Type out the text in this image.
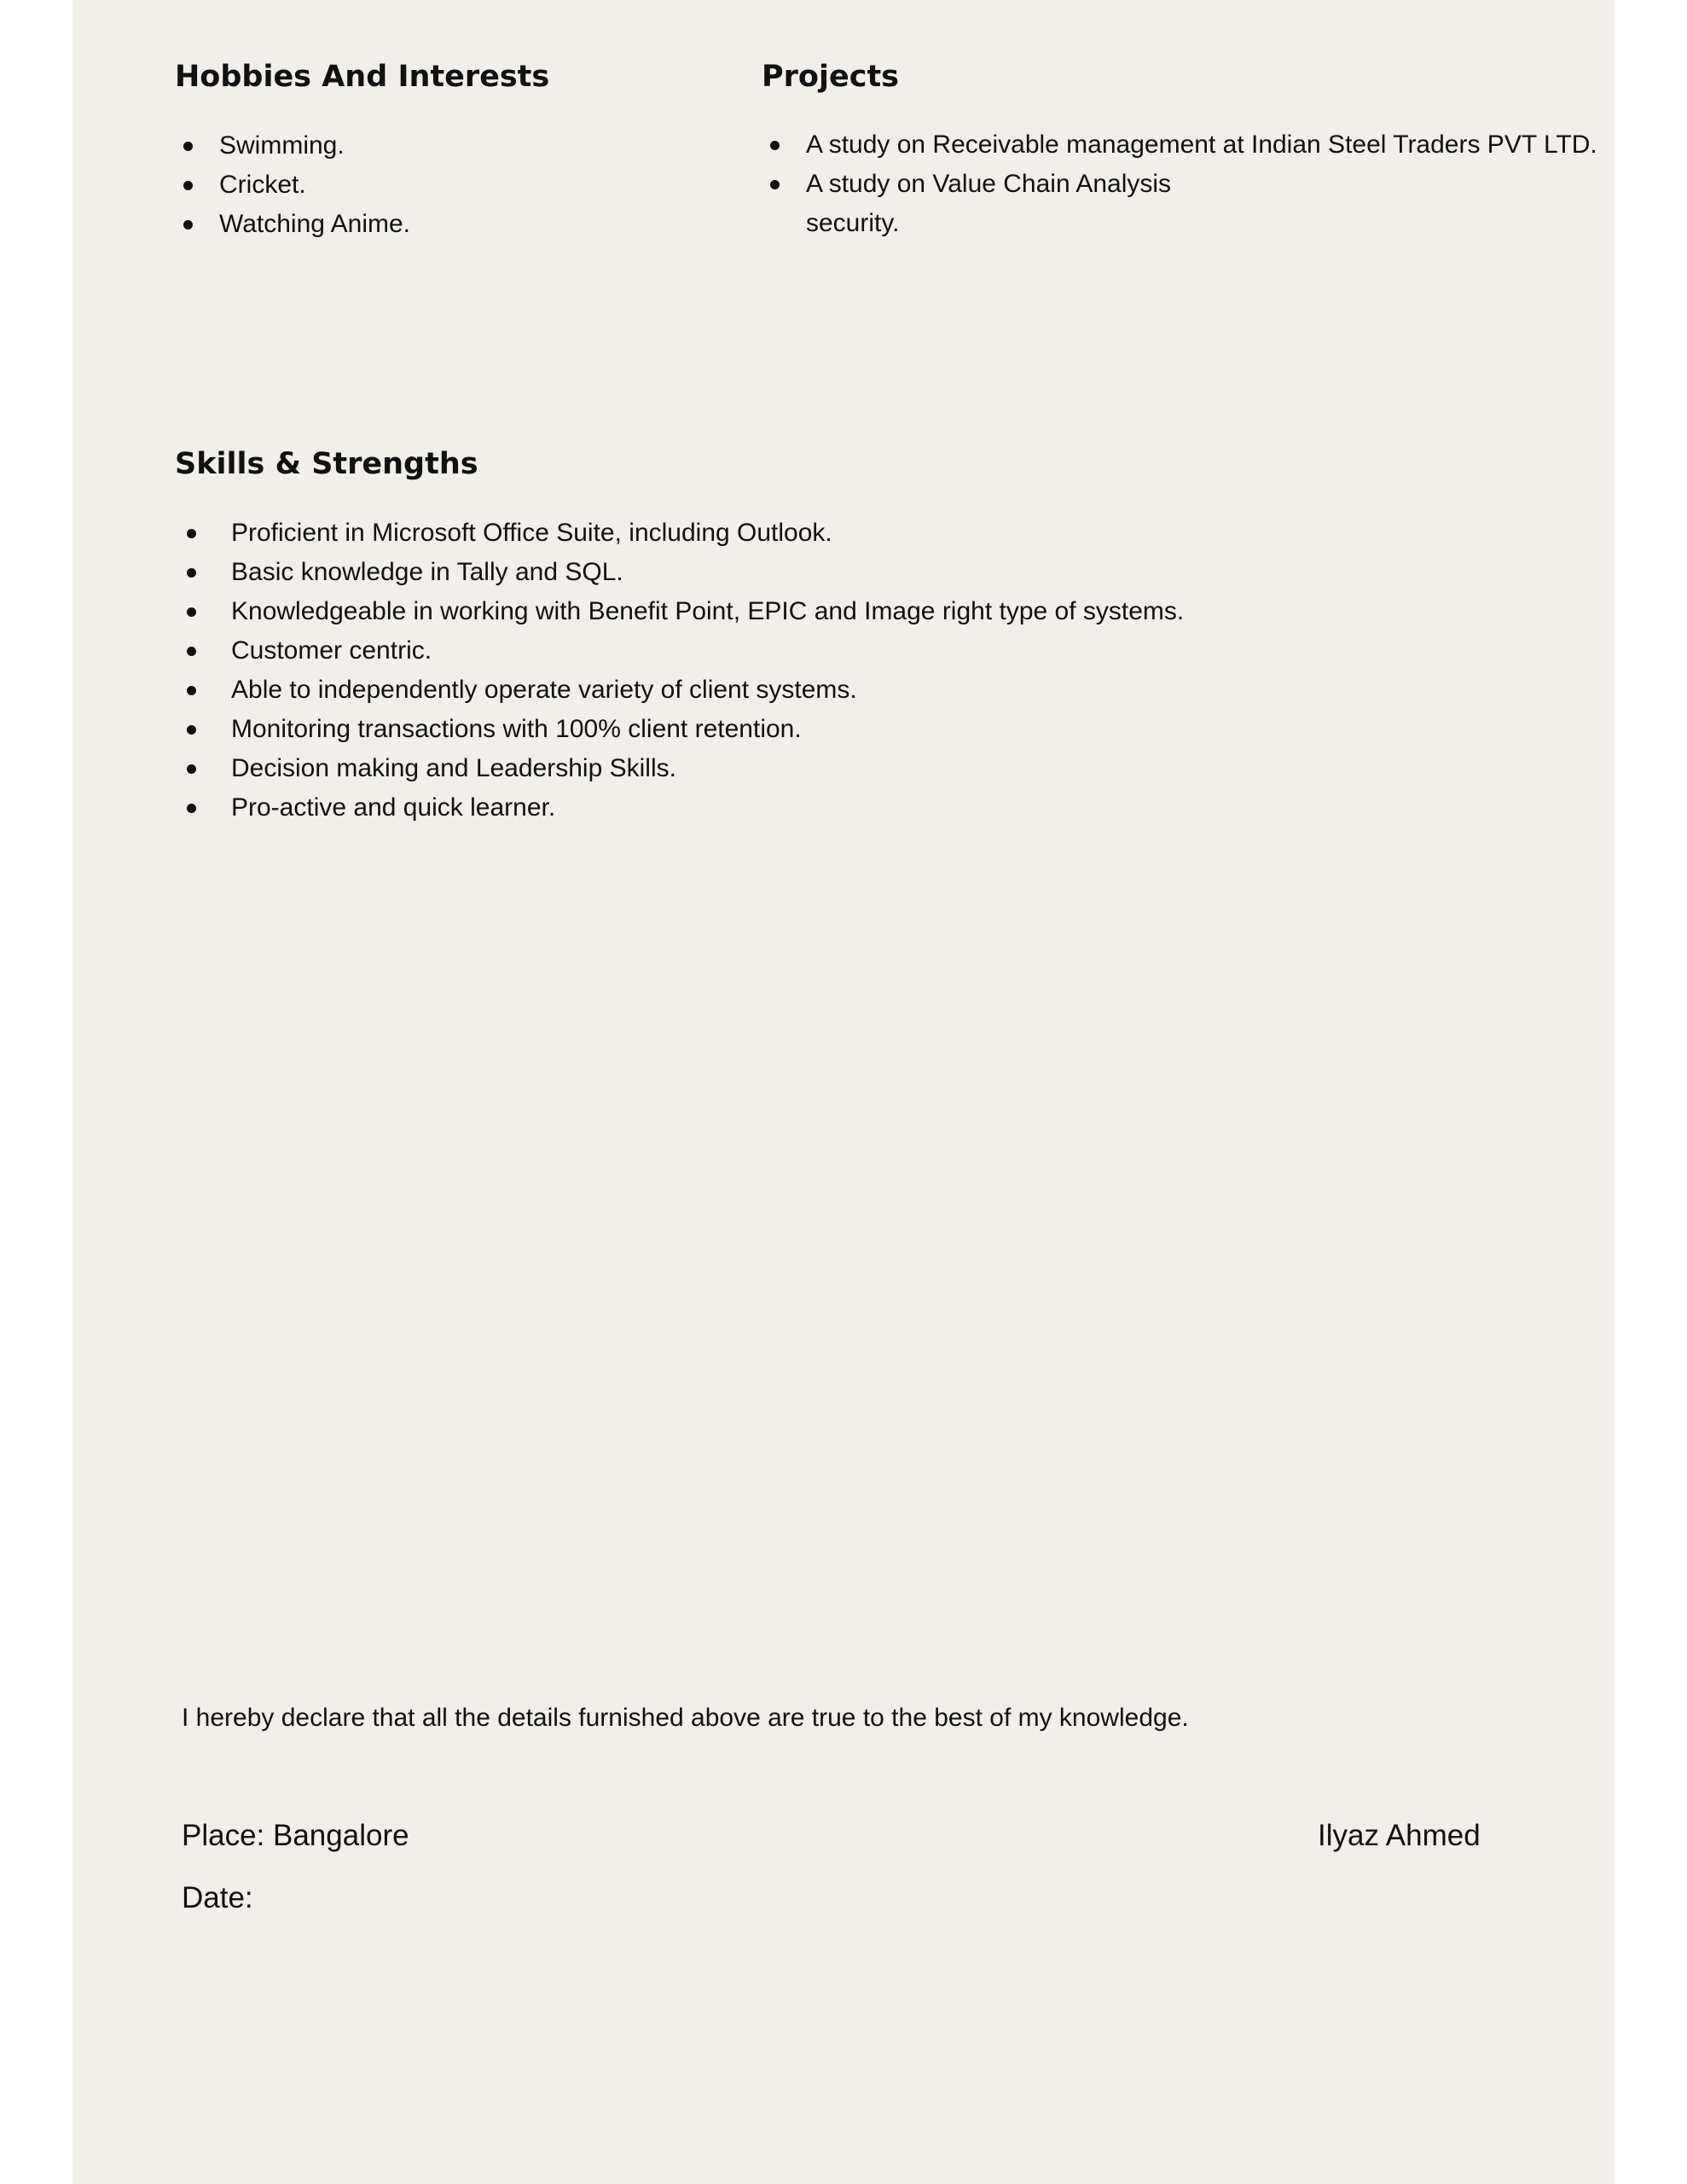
Hobbies And Interests
Swimming.
Cricket.
Watching Anime.
Projects
A study on Receivable management at Indian Steel Traders PVT LTD.
A study on Value Chain Analysis
security.
Skills & Strengths
Proficient in Microsoft Office Suite, including Outlook.
Basic knowledge in Tally and SQL.
Knowledgeable in working with Benefit Point, EPIC and Image right type of systems.
Customer centric.
Able to independently operate variety of client systems.
Monitoring transactions with 100% client retention.
Decision making and Leadership Skills.
Pro-active and quick learner.

I hereby declare that all the details furnished above are true to the best of my knowledge.

Place: Bangalore

Date:

Ilyaz Ahmed
